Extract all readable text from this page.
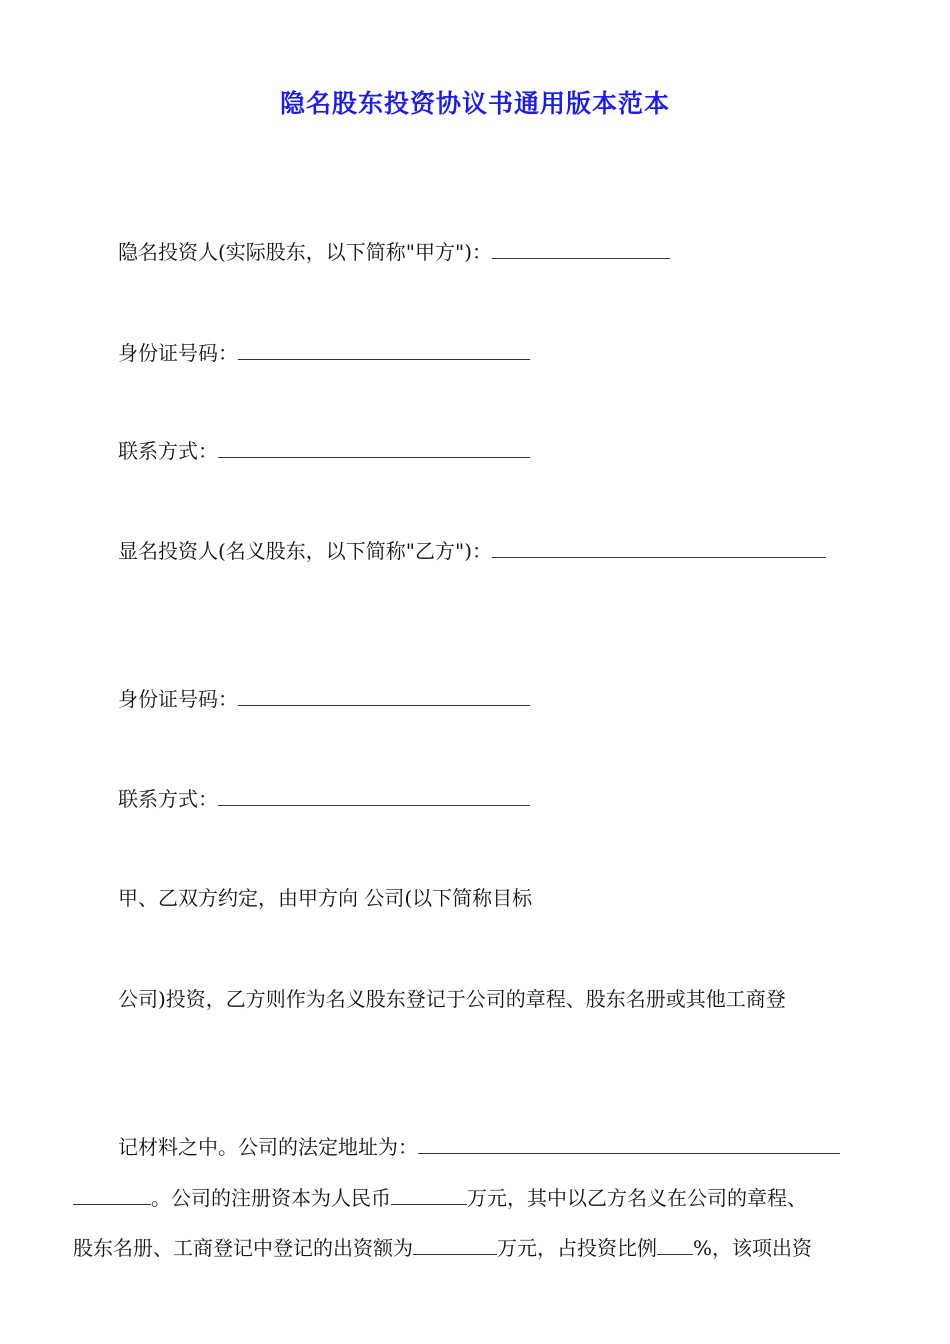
隐名股东投资协议书通用版本范本
隐名投资人(实际股东，以下简称"甲方")：
身份证号码：
联系方式：
显名投资人(名义股东，以下简称"乙方")：
身份证号码：
联系方式：
甲、乙双方约定，由甲方向 公司(以下简称目标
公司)投资，乙方则作为名义股东登记于公司的章程、股东名册或其他工商登
记材料之中。公司的法定地址为：
。公司的注册资本为人民币	万元，其中以乙方名义在公司的章程、
股东名册、工商登记中登记的出资额为	万元，占投资比例 %，该项出资
